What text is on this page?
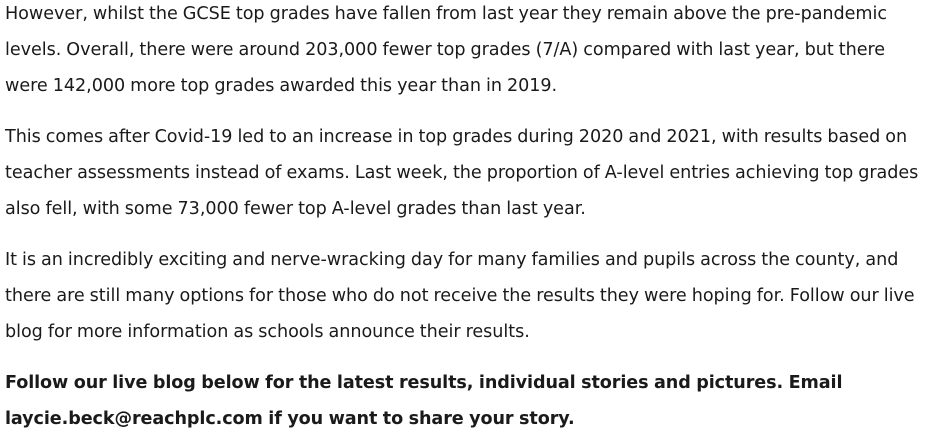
However, whilst the GCSE top grades have fallen from last year they remain above the pre-pandemic levels. Overall, there were around 203,000 fewer top grades (7/A) compared with last year, but there were 142,000 more top grades awarded this year than in 2019.

This comes after Covid-19 led to an increase in top grades during 2020 and 2021, with results based on teacher assessments instead of exams. Last week, the proportion of A-level entries achieving top grades also fell, with some 73,000 fewer top A-level grades than last year.

It is an incredibly exciting and nerve-wracking day for many families and pupils across the county, and there are still many options for those who do not receive the results they were hoping for. Follow our live blog for more information as schools announce their results.

Follow our live blog below for the latest results, individual stories and pictures. Email laycie.beck@reachplc.com if you want to share your story.
